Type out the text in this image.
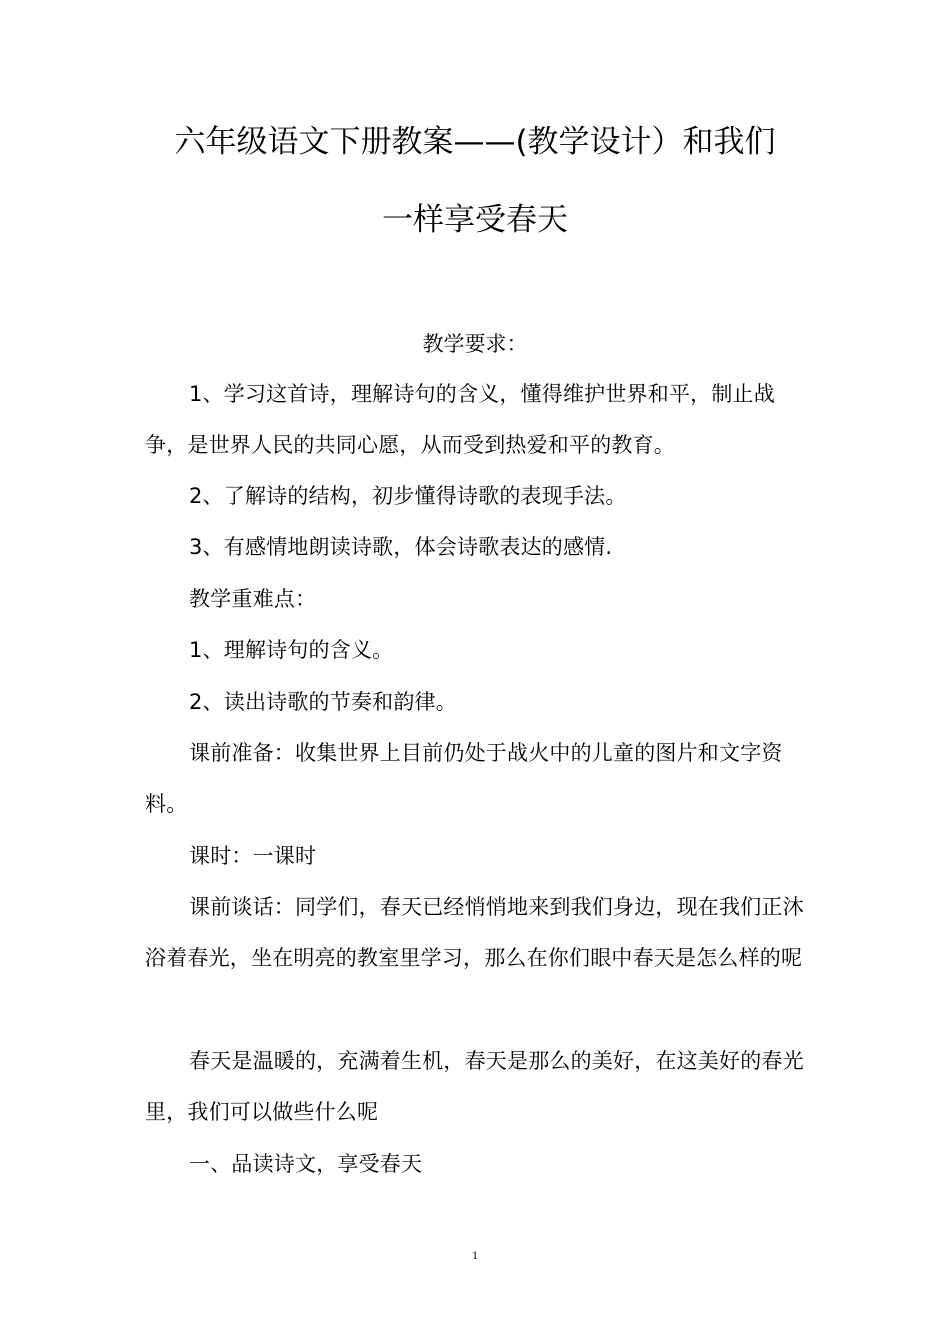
六年级语文下册教案——(教学设计）和我们
一样享受春天
教学要求：
1、学习这首诗，理解诗句的含义，懂得维护世界和平，制止战争，是世界人民的共同心愿，从而受到热爱和平的教育。
2、了解诗的结构，初步懂得诗歌的表现手法。
3、有感情地朗读诗歌，体会诗歌表达的感情.
教学重难点：
1、理解诗句的含义。
2、读出诗歌的节奏和韵律。
课前准备：收集世界上目前仍处于战火中的儿童的图片和文字资料。
课时：一课时
课前谈话：同学们，春天已经悄悄地来到我们身边，现在我们正沐浴着春光，坐在明亮的教室里学习，那么在你们眼中春天是怎么样的呢
春天是温暖的，充满着生机，春天是那么的美好，在这美好的春光里，我们可以做些什么呢
一、品读诗文，享受春天
1
